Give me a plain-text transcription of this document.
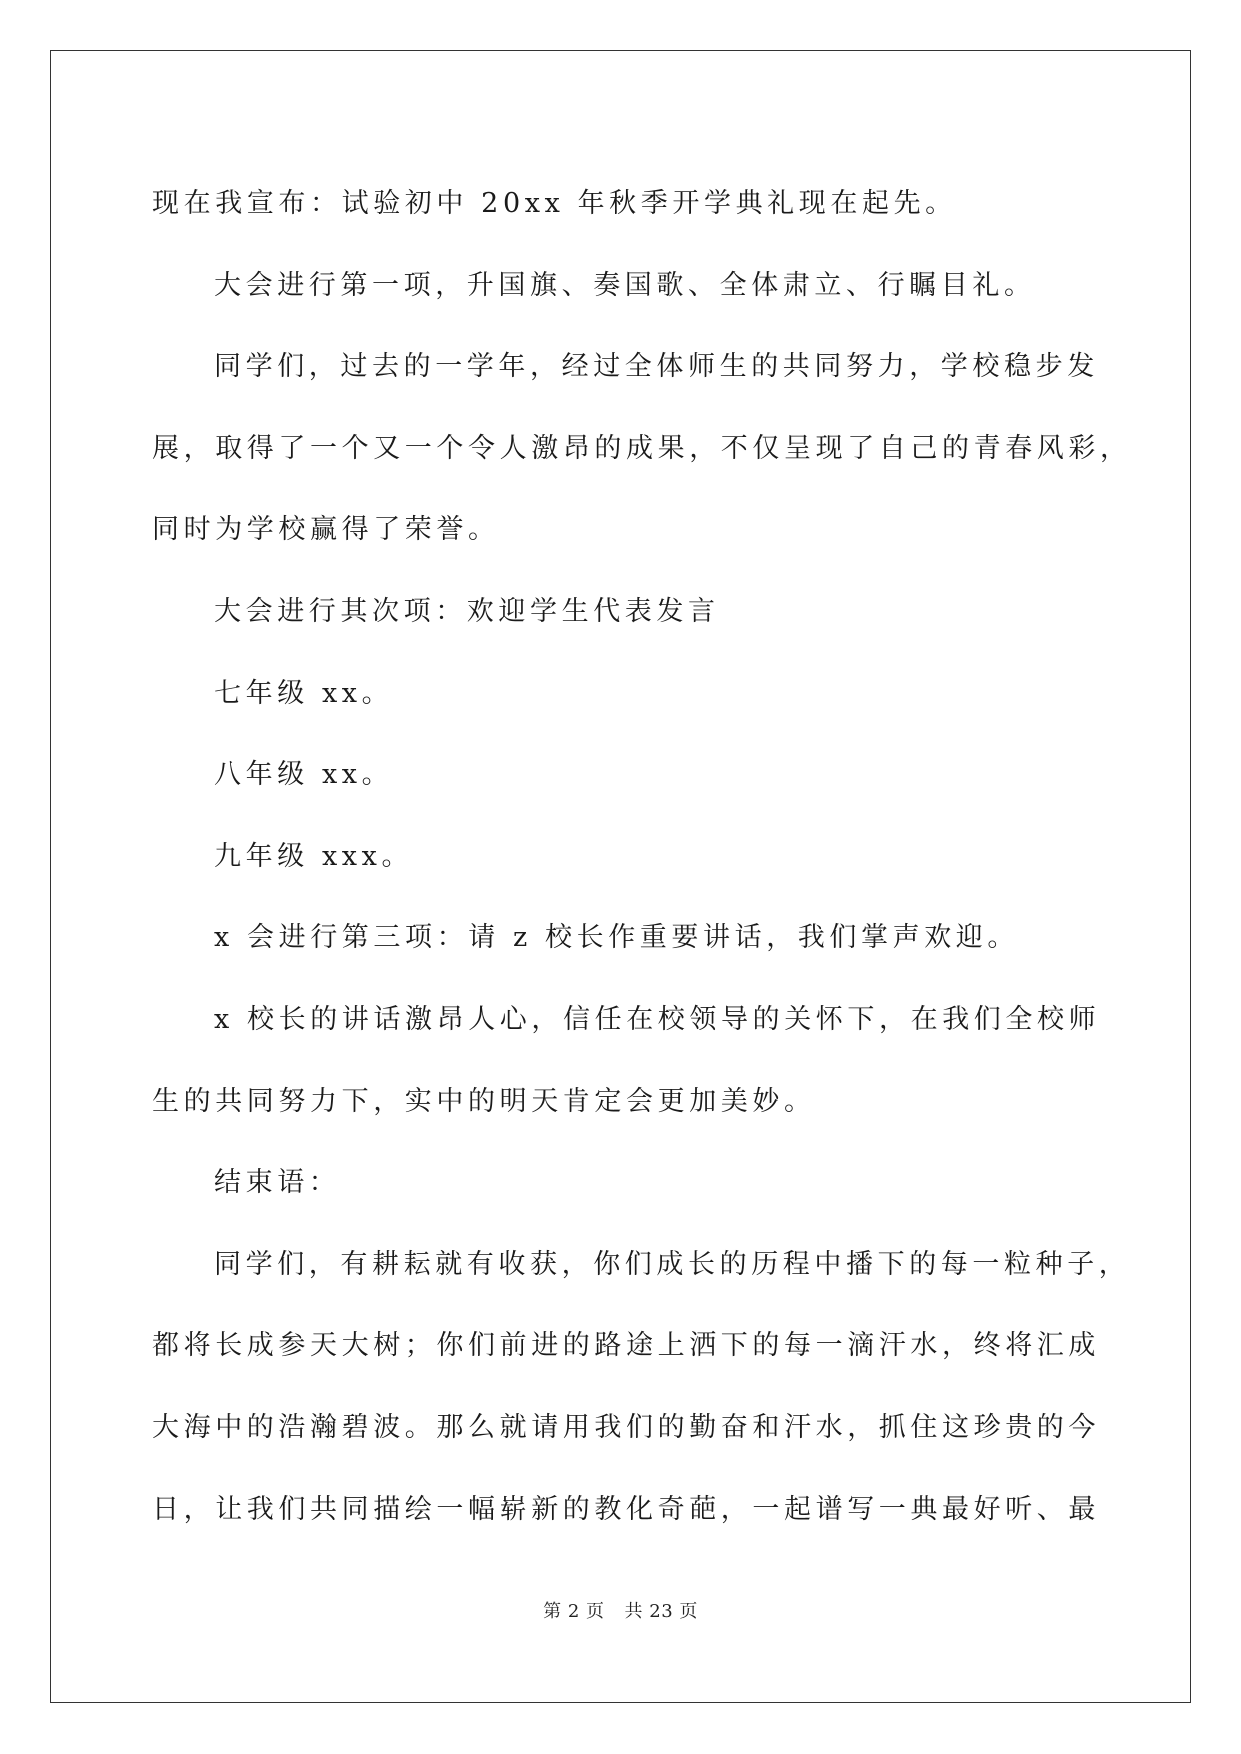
现在我宣布：试验初中 20xx 年秋季开学典礼现在起先。

大会进行第一项，升国旗、奏国歌、全体肃立、行瞩目礼。

同学们，过去的一学年，经过全体师生的共同努力，学校稳步发

展，取得了一个又一个令人激昂的成果，不仅呈现了自己的青春风彩，

同时为学校赢得了荣誉。

大会进行其次项：欢迎学生代表发言

七年级 xx。

八年级 xx。

九年级 xxx。

x 会进行第三项：请 z 校长作重要讲话，我们掌声欢迎。

x 校长的讲话激昂人心，信任在校领导的关怀下，在我们全校师

生的共同努力下，实中的明天肯定会更加美妙。

结束语：

同学们，有耕耘就有收获，你们成长的历程中播下的每一粒种子，

都将长成参天大树；你们前进的路途上洒下的每一滴汗水，终将汇成

大海中的浩瀚碧波。那么就请用我们的勤奋和汗水，抓住这珍贵的今

日，让我们共同描绘一幅崭新的教化奇葩，一起谱写一典最好听、最

第 2 页 共 23 页
